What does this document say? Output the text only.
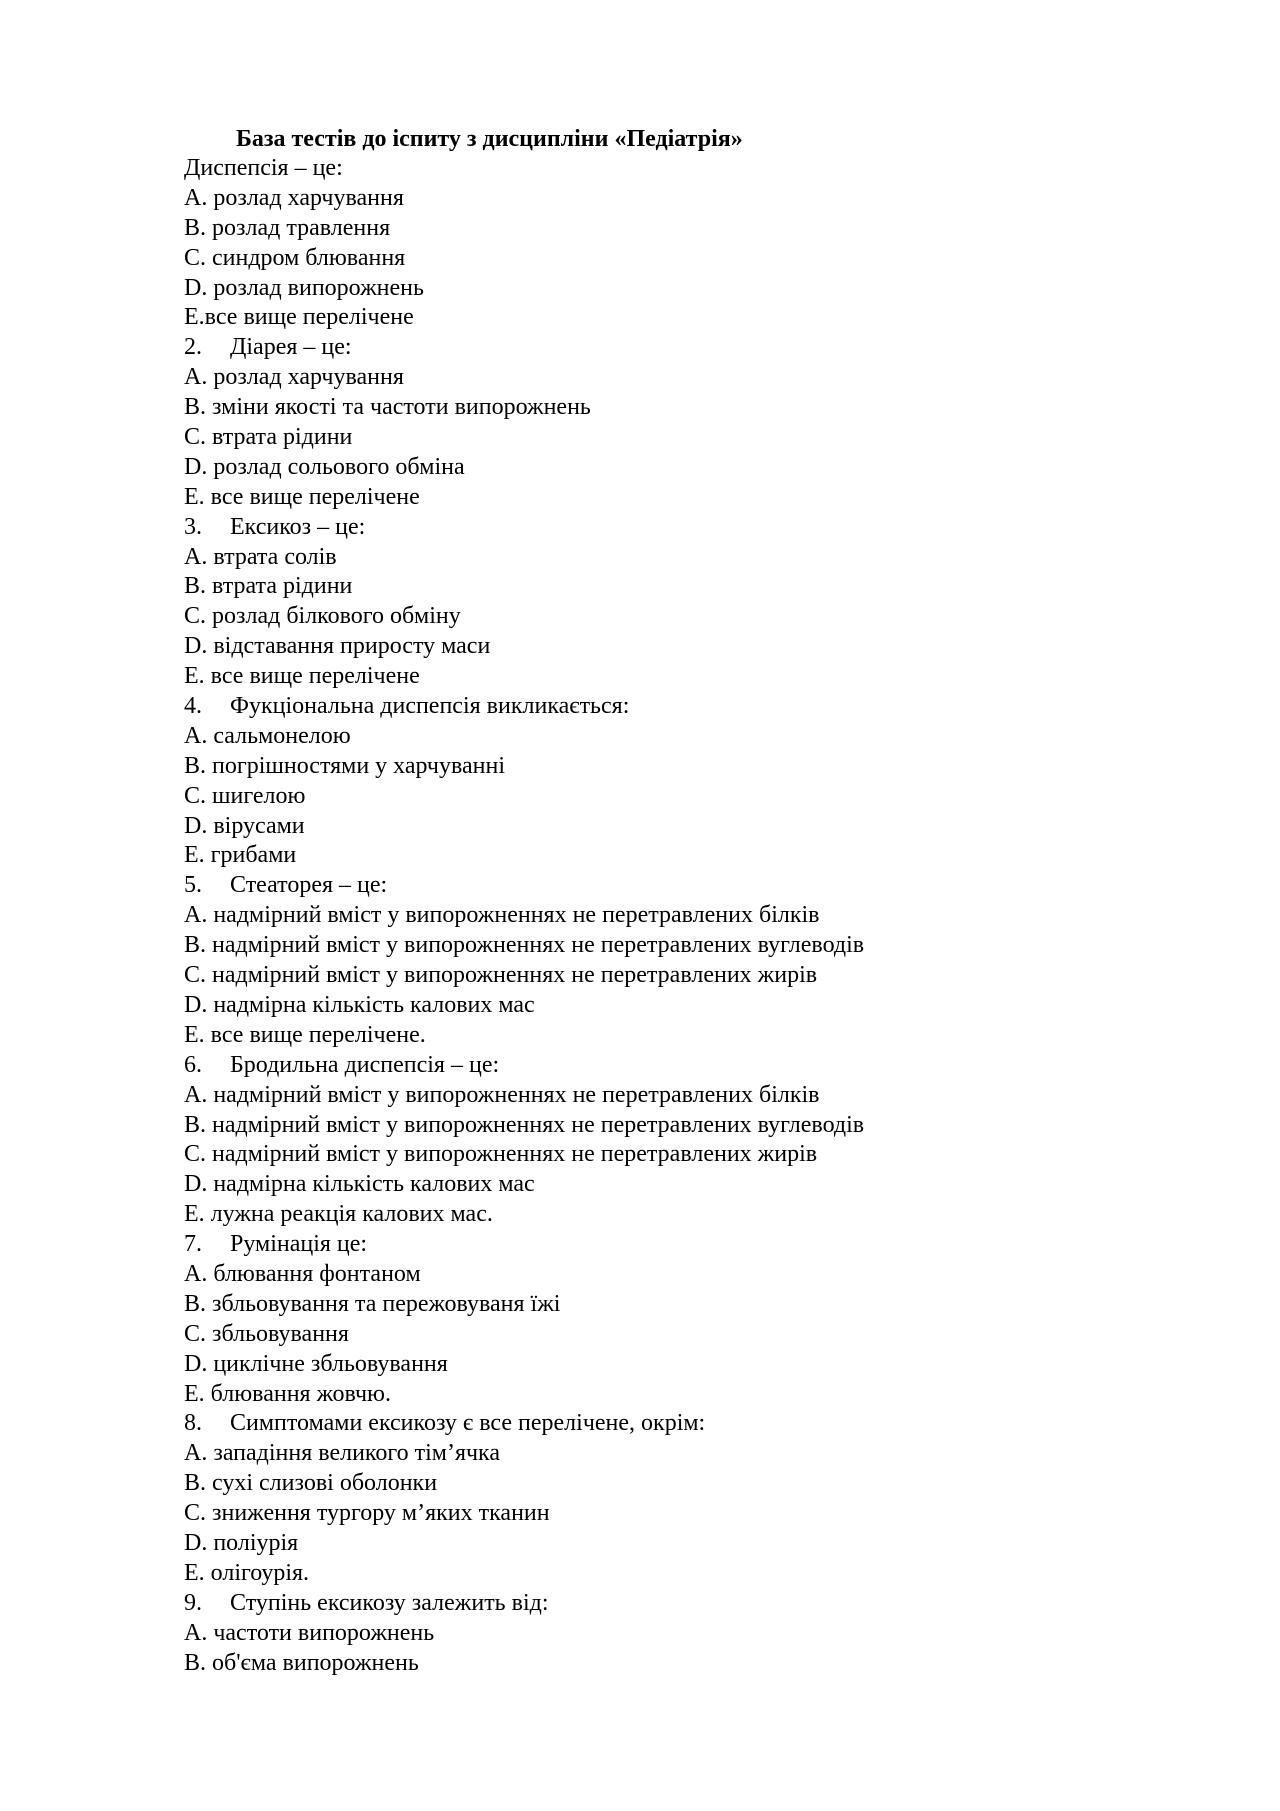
База тестів до іспиту з дисципліни «Педіатрія»
Диспепсія – це:
A. розлад харчування
B. розлад травлення
C. синдром блювання
D. розлад випорожнень
E.все вище перелічене
2. Діарея – це:
A. розлад харчування
B. зміни якості та частоти випорожнень
C. втрата рідини
D. розлад сольового обміна
E. все вище перелічене
3. Ексикоз – це:
A. втрата солів
B. втрата рідини
C. розлад білкового обміну
D. відставання приросту маси
E. все вище перелічене
4. Фукціональна диспепсія викликається:
A. сальмонелою
B. погрішностями у харчуванні
C. шигелою
D. вірусами
E. грибами
5. Стеаторея – це:
A. надмірний вміст у випорожненнях не перетравлених білків
B. надмірний вміст у випорожненнях не перетравлених вуглеводів
C. надмірний вміст у випорожненнях не перетравлених жирів
D. надмірна кількість калових мас
E. все вище перелічене.
6. Бродильна диспепсія – це:
A. надмірний вміст у випорожненнях не перетравлених білків
B. надмірний вміст у випорожненнях не перетравлених вуглеводів
C. надмірний вміст у випорожненнях не перетравлених жирів
D. надмірна кількість калових мас
E. лужна реакція калових мас.
7. Румінація це:
A. блювання фонтаном
B. збльовування та пережовуваня їжі
C. збльовування
D. циклічне збльовування
E. блювання жовчю.
8. Симптомами ексикозу є все перелічене, окрім:
A. западіння великого тім’ячка
B. сухі слизові оболонки
C. зниження тургору м’яких тканин
D. поліурія
E. олігоурія.
9. Ступінь ексикозу залежить від:
A. частоти випорожнень
B. об'єма випорожнень
